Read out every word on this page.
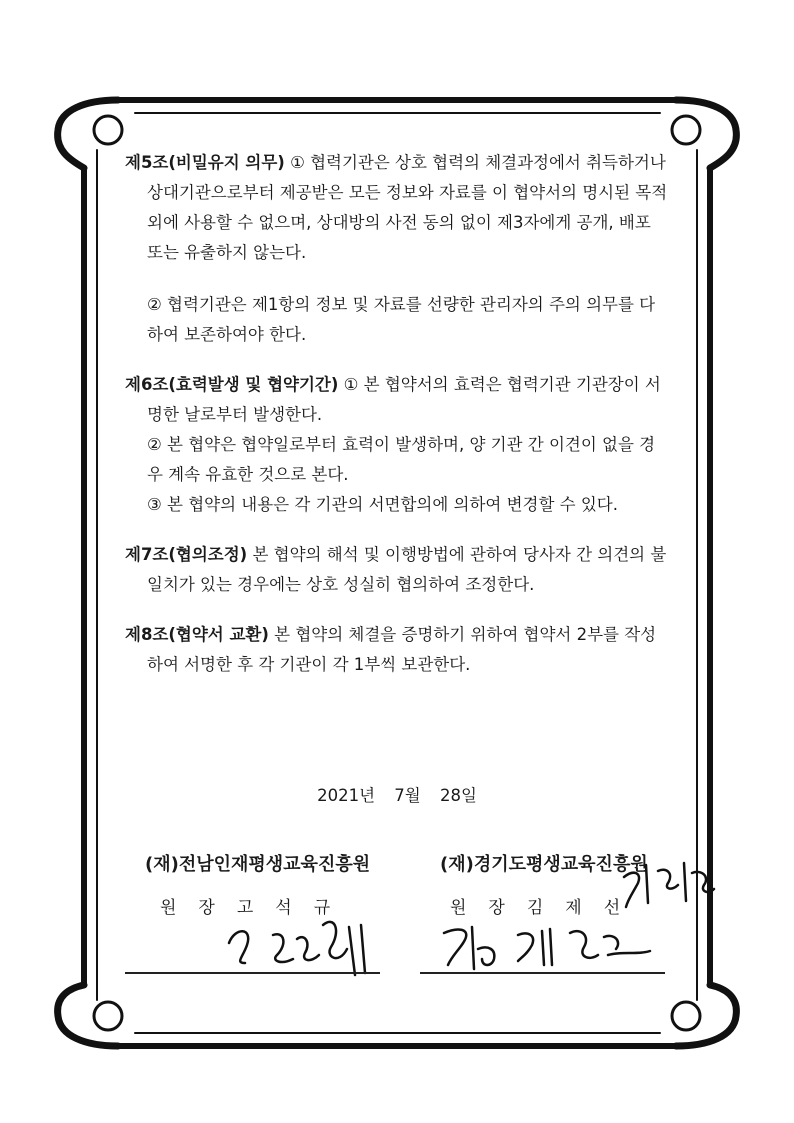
제5조(비밀유지 의무) ① 협력기관은 상호 협력의 체결과정에서 취득하거나 상대기관으로부터 제공받은 모든 정보와 자료를 이 협약서의 명시된 목적 외에 사용할 수 없으며, 상대방의 사전 동의 없이 제3자에게 공개, 배포 또는 유출하지 않는다.

② 협력기관은 제1항의 정보 및 자료를 선량한 관리자의 주의 의무를 다하여 보존하여야 한다.

제6조(효력발생 및 협약기간) ① 본 협약서의 효력은 협력기관 기관장이 서명한 날로부터 발생한다.

② 본 협약은 협약일로부터 효력이 발생하며, 양 기관 간 이견이 없을 경우 계속 유효한 것으로 본다.

③ 본 협약의 내용은 각 기관의 서면합의에 의하여 변경할 수 있다.

제7조(협의조정) 본 협약의 해석 및 이행방법에 관하여 당사자 간 의견의 불일치가 있는 경우에는 상호 성실히 협의하여 조정한다.

제8조(협약서 교환) 본 협약의 체결을 증명하기 위하여 협약서 2부를 작성하여 서명한 후 각 기관이 각 1부씩 보관한다.

2021년 7월 28일
(재)전남인재평생교육진흥원	(재)경기도평생교육진흥원
원장고석규	원장김제선
